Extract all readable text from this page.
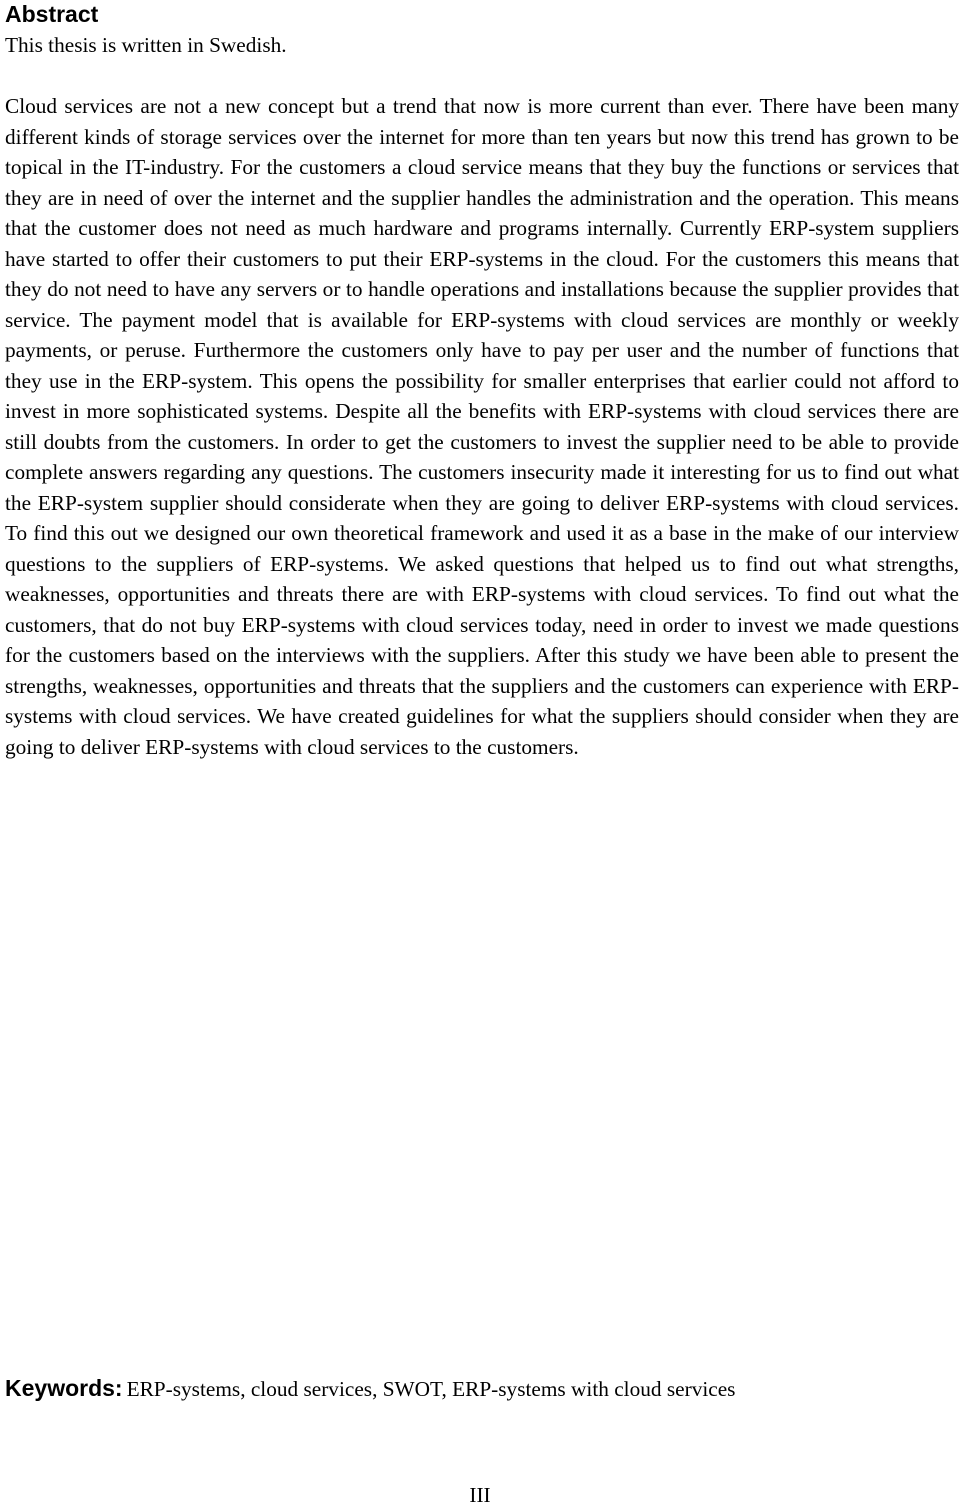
Abstract

This thesis is written in Swedish.

Cloud services are not a new concept but a trend that now is more current than ever. There have been many different kinds of storage services over the internet for more than ten years but now this trend has grown to be topical in the IT-industry. For the customers a cloud service means that they buy the functions or services that they are in need of over the internet and the supplier handles the administration and the operation. This means that the customer does not need as much hardware and programs internally. Currently ERP-system suppliers have started to offer their customers to put their ERP-systems in the cloud. For the customers this means that they do not need to have any servers or to handle operations and installations because the supplier provides that service. The payment model that is available for ERP-systems with cloud services are monthly or weekly payments, or peruse. Furthermore the customers only have to pay per user and the number of functions that they use in the ERP-system. This opens the possibility for smaller enterprises that earlier could not afford to invest in more sophisticated systems. Despite all the benefits with ERP-systems with cloud services there are still doubts from the customers. In order to get the customers to invest the supplier need to be able to provide complete answers regarding any questions. The customers insecurity made it interesting for us to find out what the ERP-system supplier should considerate when they are going to deliver ERP-systems with cloud services. To find this out we designed our own theoretical framework and used it as a base in the make of our interview questions to the suppliers of ERP-systems. We asked questions that helped us to find out what strengths, weaknesses, opportunities and threats there are with ERP-systems with cloud services. To find out what the customers, that do not buy ERP-systems with cloud services today, need in order to invest we made questions for the customers based on the interviews with the suppliers. After this study we have been able to present the strengths, weaknesses, opportunities and threats that the suppliers and the customers can experience with ERP-systems with cloud services. We have created guidelines for what the suppliers should consider when they are going to deliver ERP-systems with cloud services to the customers.

Keywords: ERP-systems, cloud services, SWOT, ERP-systems with cloud services

III
